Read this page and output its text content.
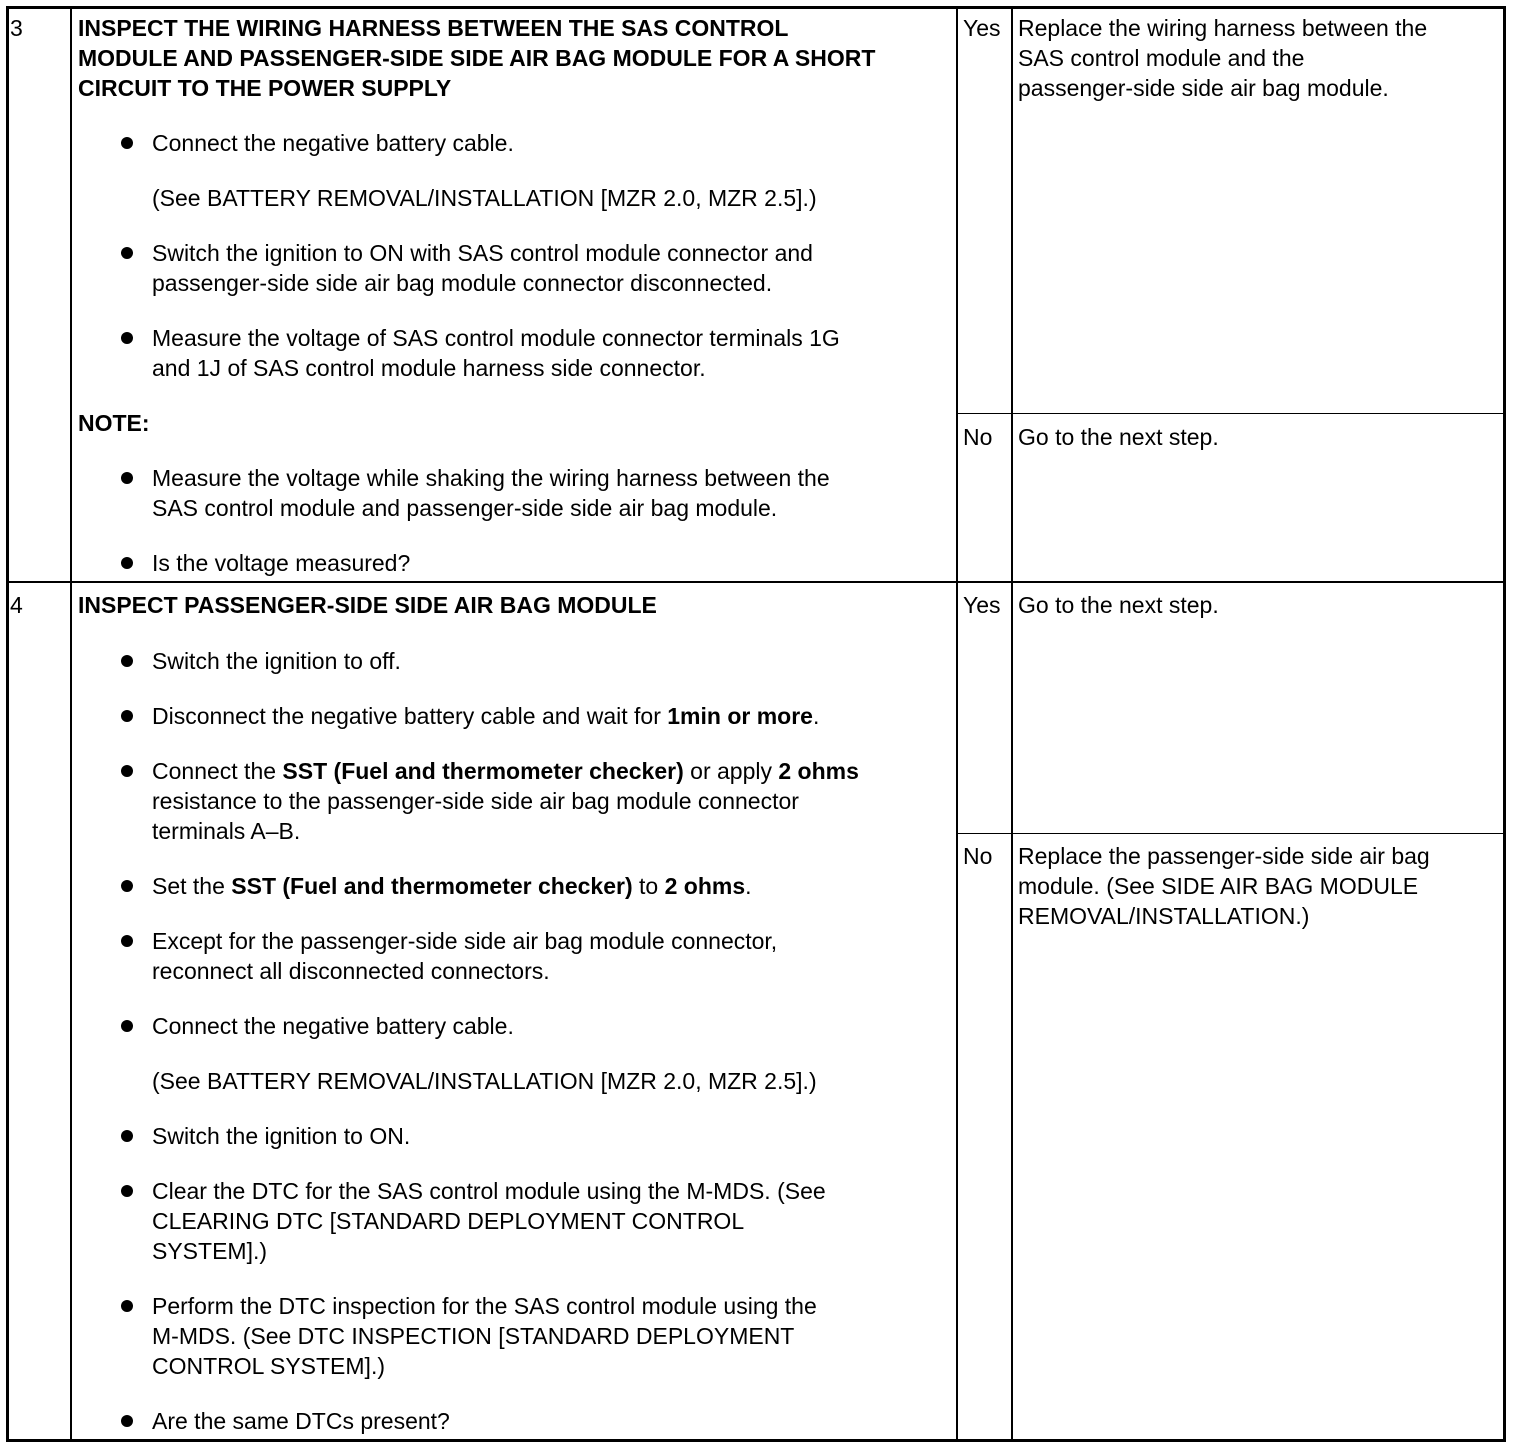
3 INSPECT THE WIRING HARNESS BETWEEN THE SAS CONTROL
MODULE AND PASSENGER-SIDE SIDE AIR BAG MODULE FOR A SHORT
CIRCUIT TO THE POWER SUPPLY
Connect the negative battery cable.
(See BATTERY REMOVAL/INSTALLATION [MZR 2.0, MZR 2.5].)
Switch the ignition to ON with SAS control module connector and
passenger-side side air bag module connector disconnected.
Measure the voltage of SAS control module connector terminals 1G
and 1J of SAS control module harness side connector.
NOTE:
Measure the voltage while shaking the wiring harness between the
SAS control module and passenger-side side air bag module.
Is the voltage measured?
Yes Replace the wiring harness between the
SAS control module and the
passenger-side side air bag module.
No Go to the next step.
4 INSPECT PASSENGER-SIDE SIDE AIR BAG MODULE
Switch the ignition to off.
Disconnect the negative battery cable and wait for 1min or more.
Connect the SST (Fuel and thermometer checker) or apply 2 ohms
resistance to the passenger-side side air bag module connector
terminals A–B.
Set the SST (Fuel and thermometer checker) to 2 ohms.
Except for the passenger-side side air bag module connector,
reconnect all disconnected connectors.
Connect the negative battery cable.
(See BATTERY REMOVAL/INSTALLATION [MZR 2.0, MZR 2.5].)
Switch the ignition to ON.
Clear the DTC for the SAS control module using the M-MDS. (See
CLEARING DTC [STANDARD DEPLOYMENT CONTROL
SYSTEM].)
Perform the DTC inspection for the SAS control module using the
M-MDS. (See DTC INSPECTION [STANDARD DEPLOYMENT
CONTROL SYSTEM].)
Are the same DTCs present?
Yes Go to the next step.
No Replace the passenger-side side air bag
module. (See SIDE AIR BAG MODULE
REMOVAL/INSTALLATION.)
